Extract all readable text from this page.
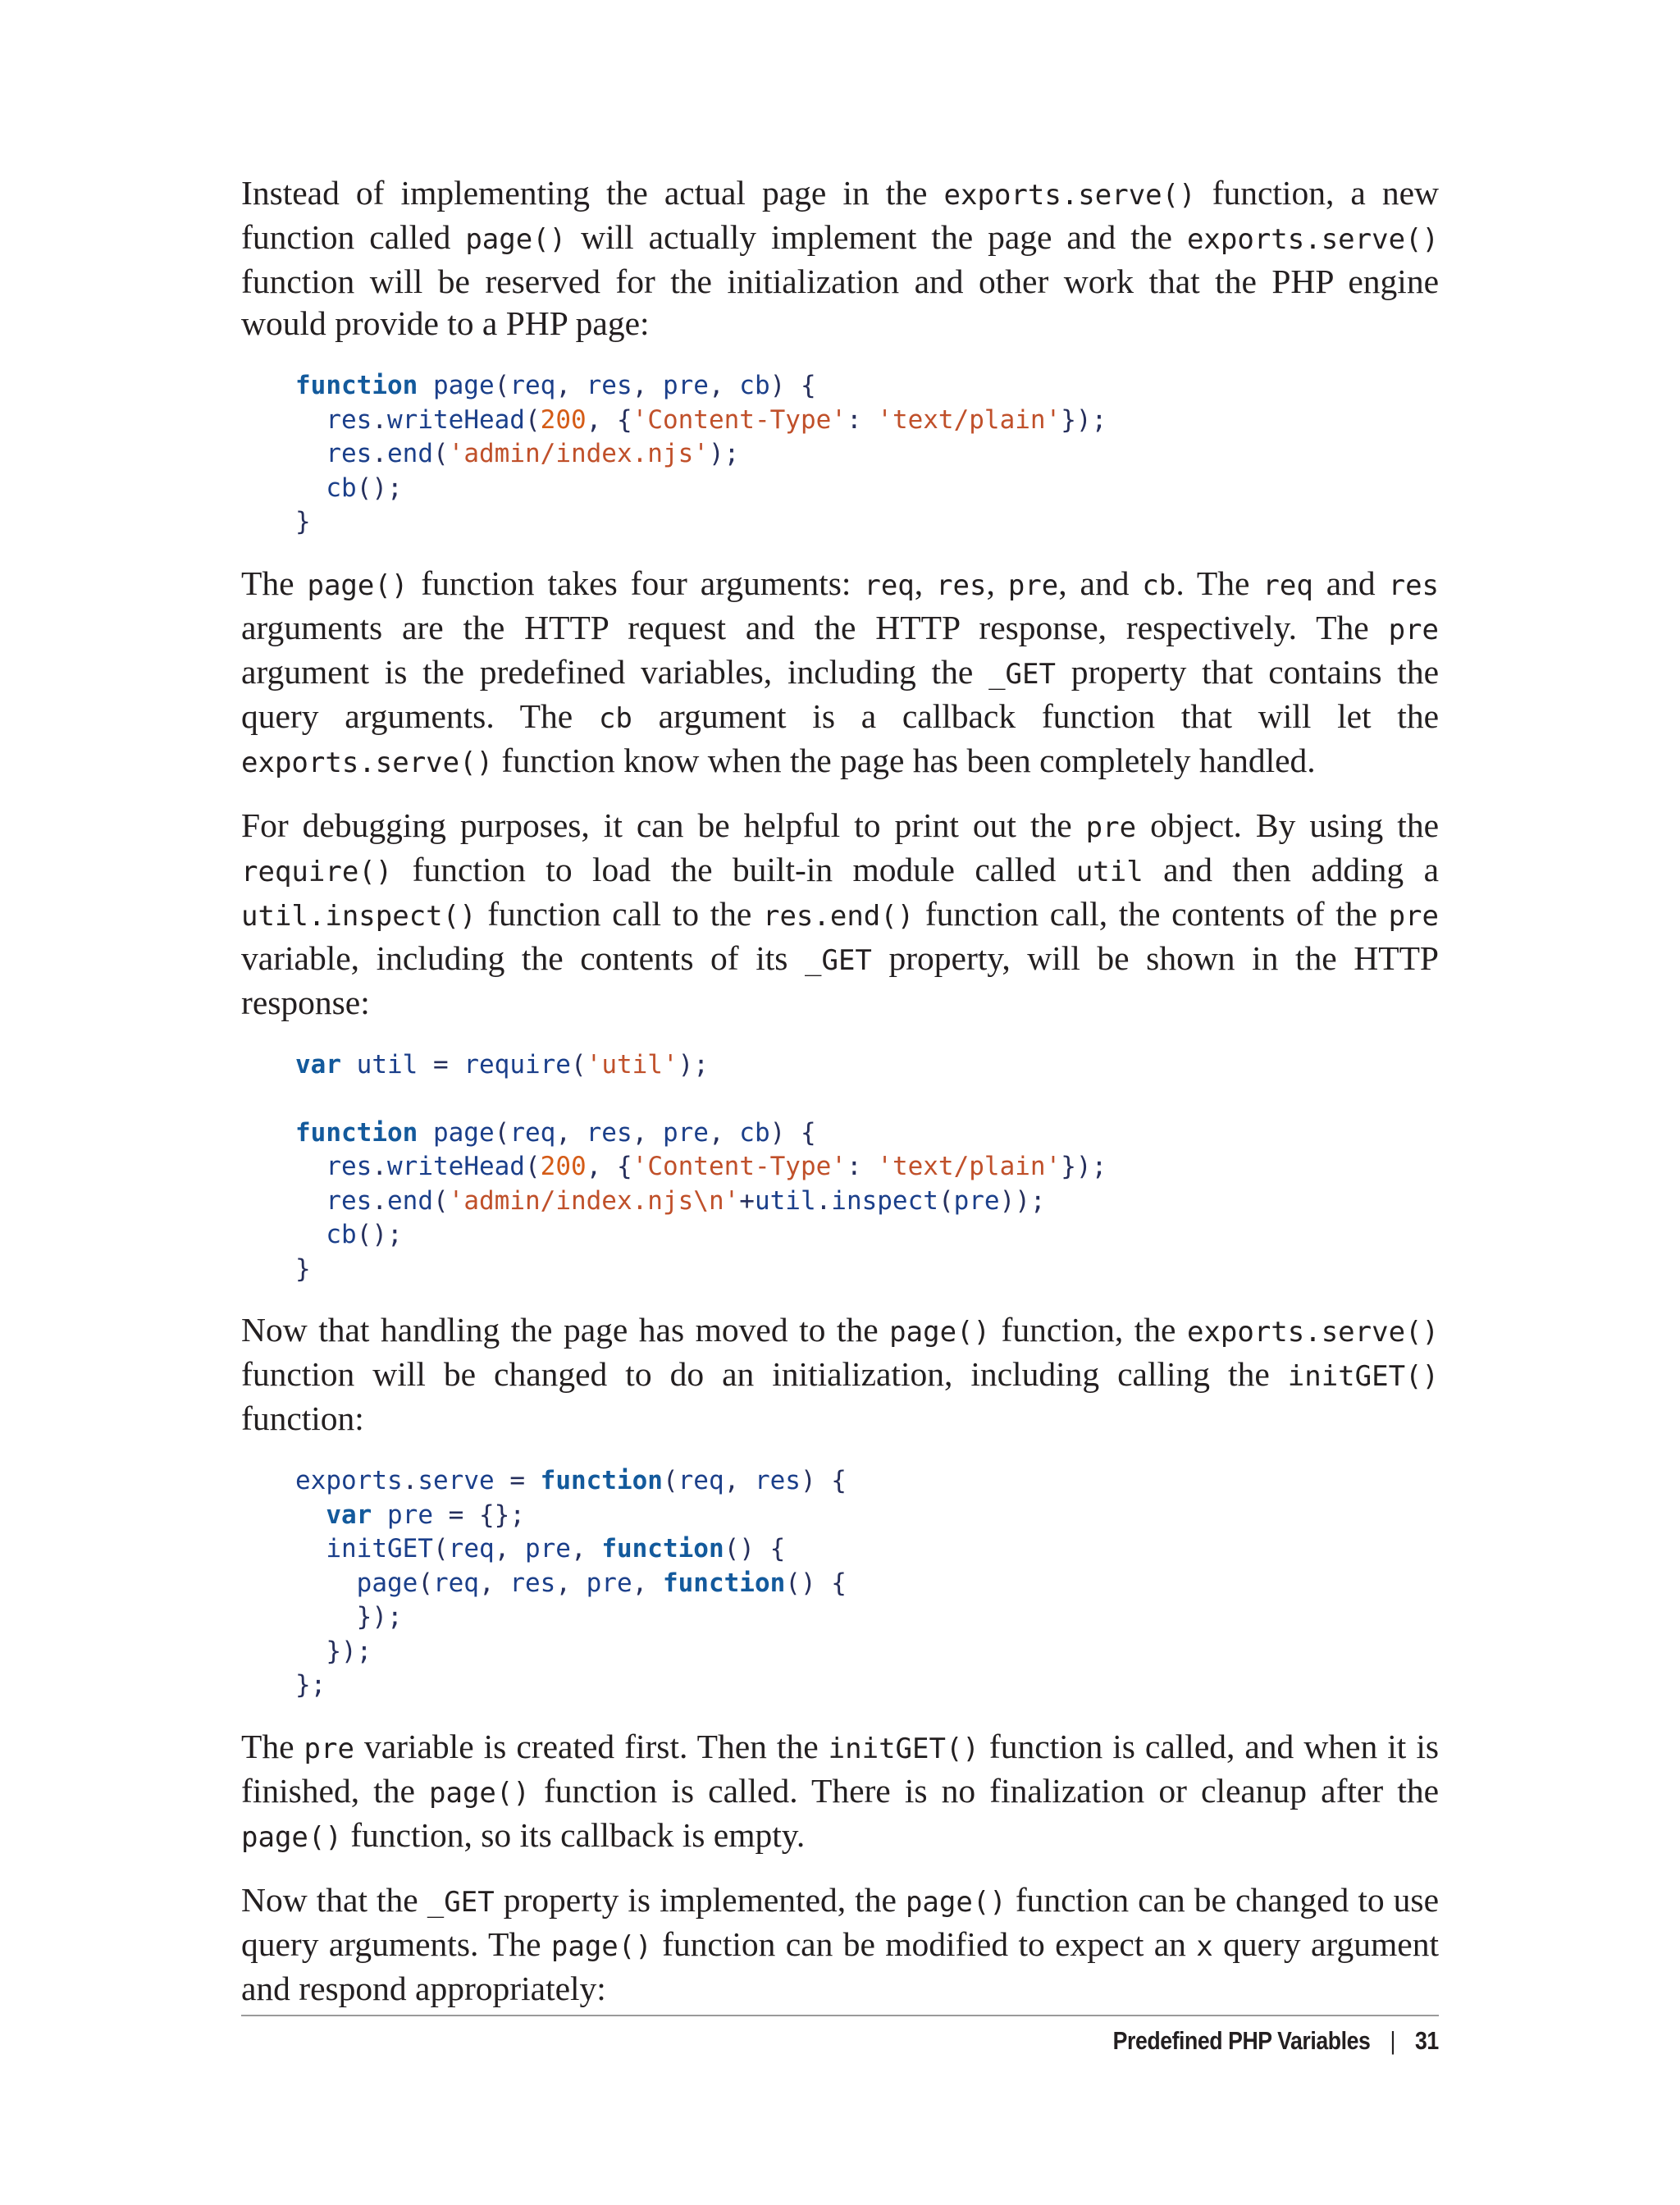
Instead of implementing the actual page in the exports.serve() function, a new function called page() will actually implement the page and the exports.serve() function will be reserved for the initialization and other work that the PHP engine would provide to a PHP page:

function page(req, res, pre, cb) {
res.writeHead(200, {'Content-Type': 'text/plain'});
res.end('admin/index.njs');
cb();
}

The page() function takes four arguments: req, res, pre, and cb. The req and res arguments are the HTTP request and the HTTP response, respectively. The pre argument is the predefined variables, including the _GET property that contains the query arguments. The cb argument is a callback function that will let the exports.serve() function know when the page has been completely handled.

For debugging purposes, it can be helpful to print out the pre object. By using the require() function to load the built-in module called util and then adding a util.inspect() function call to the res.end() function call, the contents of the pre variable, including the contents of its _GET property, will be shown in the HTTP response:

var util = require('util');

function page(req, res, pre, cb) {
res.writeHead(200, {'Content-Type': 'text/plain'});
res.end('admin/index.njs\n'+util.inspect(pre));
cb();
}

Now that handling the page has moved to the page() function, the exports.serve() function will be changed to do an initialization, including calling the initGET() function:

exports.serve = function(req, res) {
var pre = {};
initGET(req, pre, function() {
page(req, res, pre, function() {
});
});
};

The pre variable is created first. Then the initGET() function is called, and when it is finished, the page() function is called. There is no finalization or cleanup after the page() function, so its callback is empty.

Now that the _GET property is implemented, the page() function can be changed to use query arguments. The page() function can be modified to expect an x query argument and respond appropriately:

Predefined PHP Variables | 31
